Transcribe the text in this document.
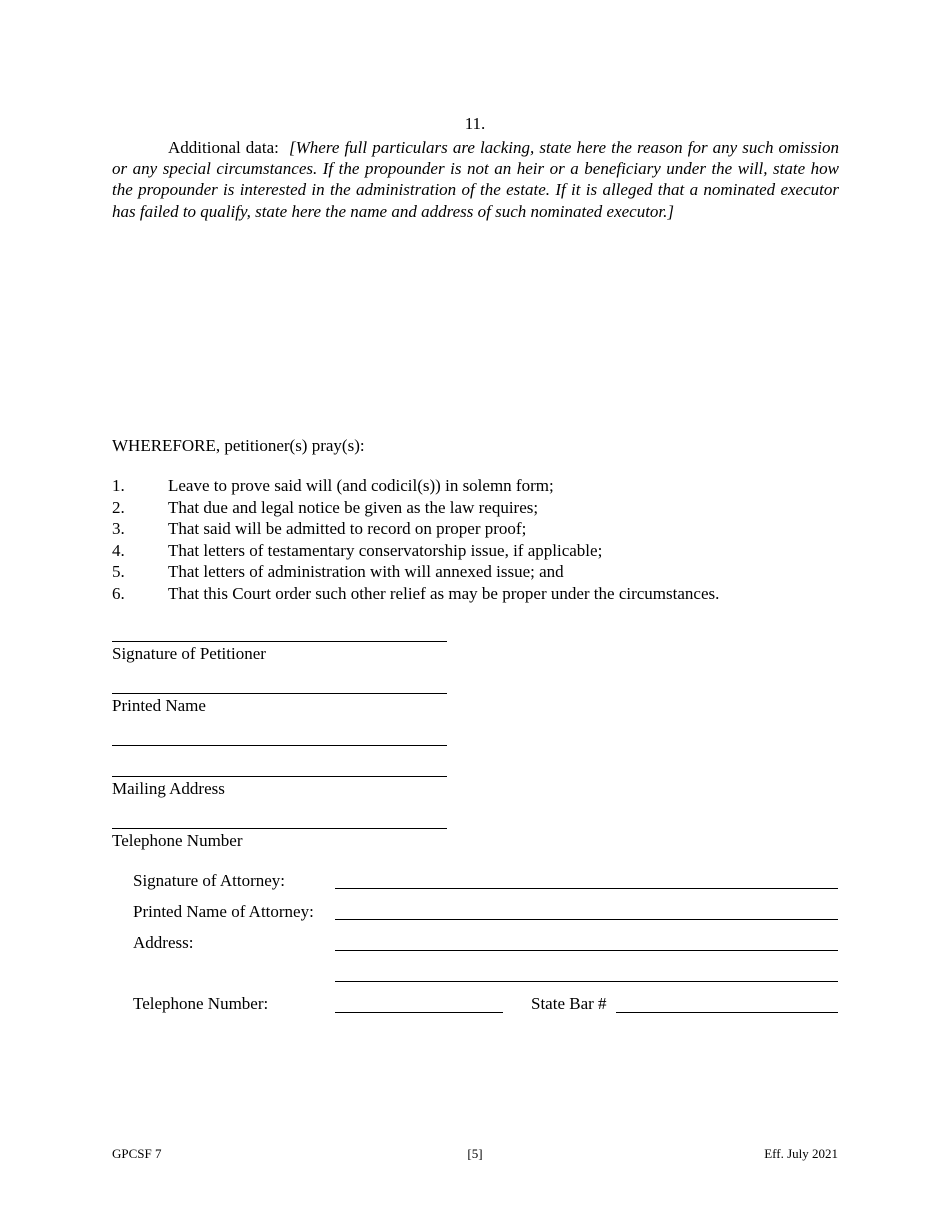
11.
Additional data: [Where full particulars are lacking, state here the reason for any such omission or any special circumstances. If the propounder is not an heir or a beneficiary under the will, state how the propounder is interested in the administration of the estate. If it is alleged that a nominated executor has failed to qualify, state here the name and address of such nominated executor.]
WHEREFORE, petitioner(s) pray(s):
1.	Leave to prove said will (and codicil(s)) in solemn form;
2.	That due and legal notice be given as the law requires;
3.	That said will be admitted to record on proper proof;
4.	That letters of testamentary conservatorship issue, if applicable;
5.	That letters of administration with will annexed issue; and
6.	That this Court order such other relief as may be proper under the circumstances.
Signature of Petitioner
Printed Name
Mailing Address
Telephone Number
Signature of Attorney:
Printed Name of Attorney:
Address:
Telephone Number:	State Bar #
GPCSF 7	[5]	Eff. July 2021
